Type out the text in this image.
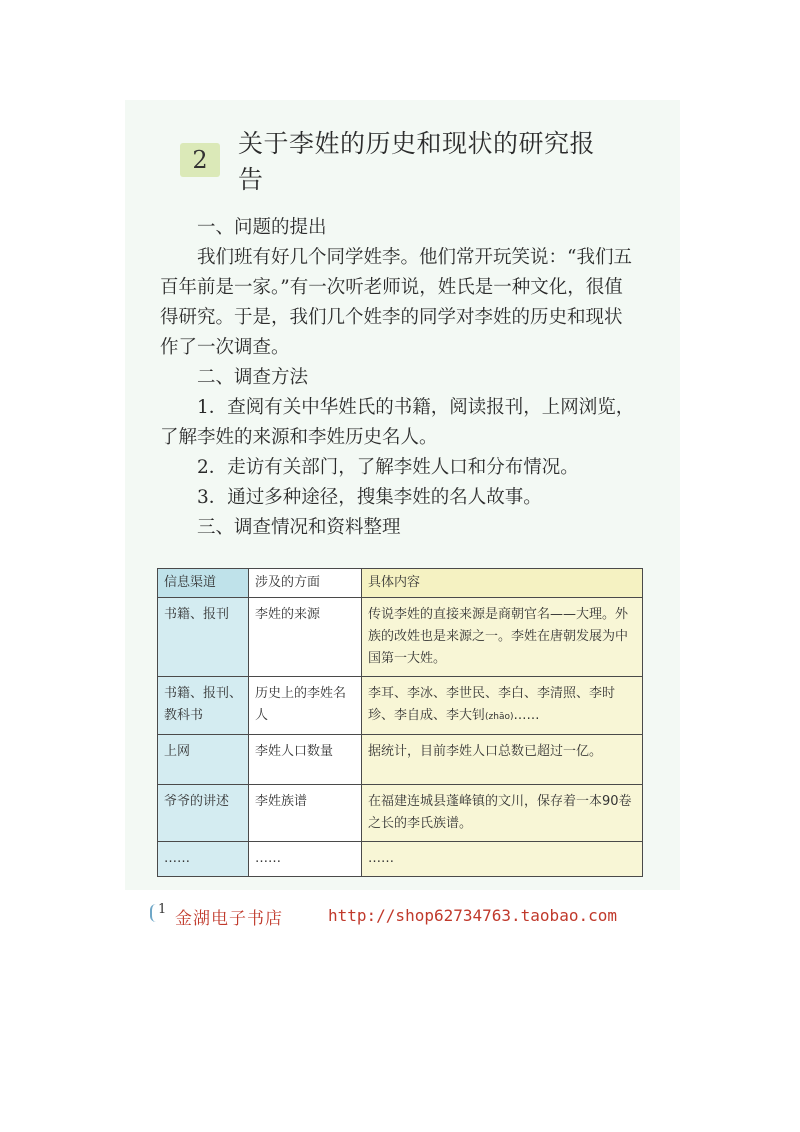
2
关于李姓的历史和现状的研究报告
一、问题的提出
我们班有好几个同学姓李。他们常开玩笑说：“我们五
百年前是一家。”有一次听老师说，姓氏是一种文化，很值
得研究。于是，我们几个姓李的同学对李姓的历史和现状
作了一次调查。
二、调查方法
1．查阅有关中华姓氏的书籍，阅读报刊，上网浏览，
了解李姓的来源和李姓历史名人。
2．走访有关部门，了解李姓人口和分布情况。
3．通过多种途径，搜集李姓的名人故事。
三、调查情况和资料整理
信息渠道	涉及的方面	具体内容
书籍、报刊	李姓的来源	传说李姓的直接来源是商朝官名——大理。外族的改姓也是来源之一。李姓在唐朝发展为中国第一大姓。
书籍、报刊、教科书	历史上的李姓名人	李耳、李冰、李世民、李白、李清照、李时珍、李自成、李大钊(zhāo)……
上网	李姓人口数量	据统计，目前李姓人口总数已超过一亿。
爷爷的讲述	李姓族谱	在福建连城县蓬峰镇的文川，保存着一本90卷之长的李氏族谱。
……	……	……
1 金湖电子书店	http://shop62734763.taobao.com
